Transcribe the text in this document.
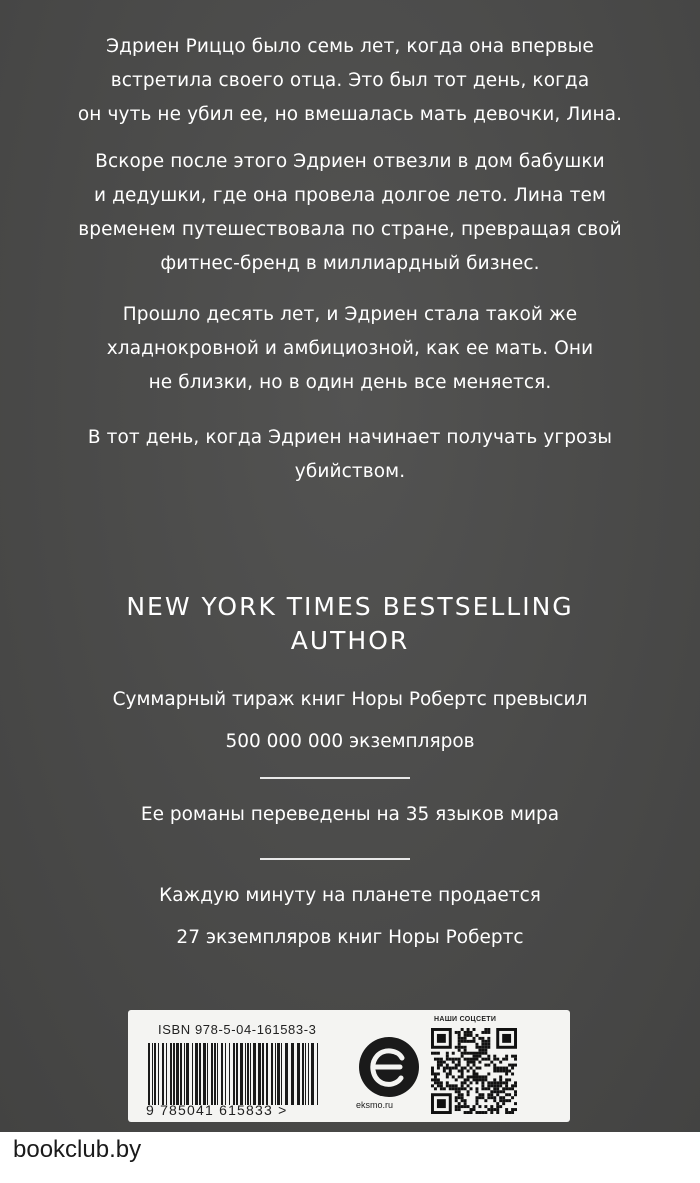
Эдриен Риццо было семь лет, когда она впервые
встретила своего отца. Это был тот день, когда
он чуть не убил ее, но вмешалась мать девочки, Лина.
Вскоре после этого Эдриен отвезли в дом бабушки
и дедушки, где она провела долгое лето. Лина тем
временем путешествовала по стране, превращая свой
фитнес-бренд в миллиардный бизнес.
Прошло десять лет, и Эдриен стала такой же
хладнокровной и амбициозной, как ее мать. Они
не близки, но в один день все меняется.
В тот день, когда Эдриен начинает получать угрозы
убийством.
NEW YORK TIMES BESTSELLING
AUTHOR
Суммарный тираж книг Норы Робертс превысил
500 000 000 экземпляров
Ее романы переведены на 35 языков мира
Каждую минуту на планете продается
27 экземпляров книг Норы Робертс
ISBN 978-5-04-161583-3
9 785041 615833 >	eksmo.ru
НАШИ СОЦСЕТИ
bookclub.by
